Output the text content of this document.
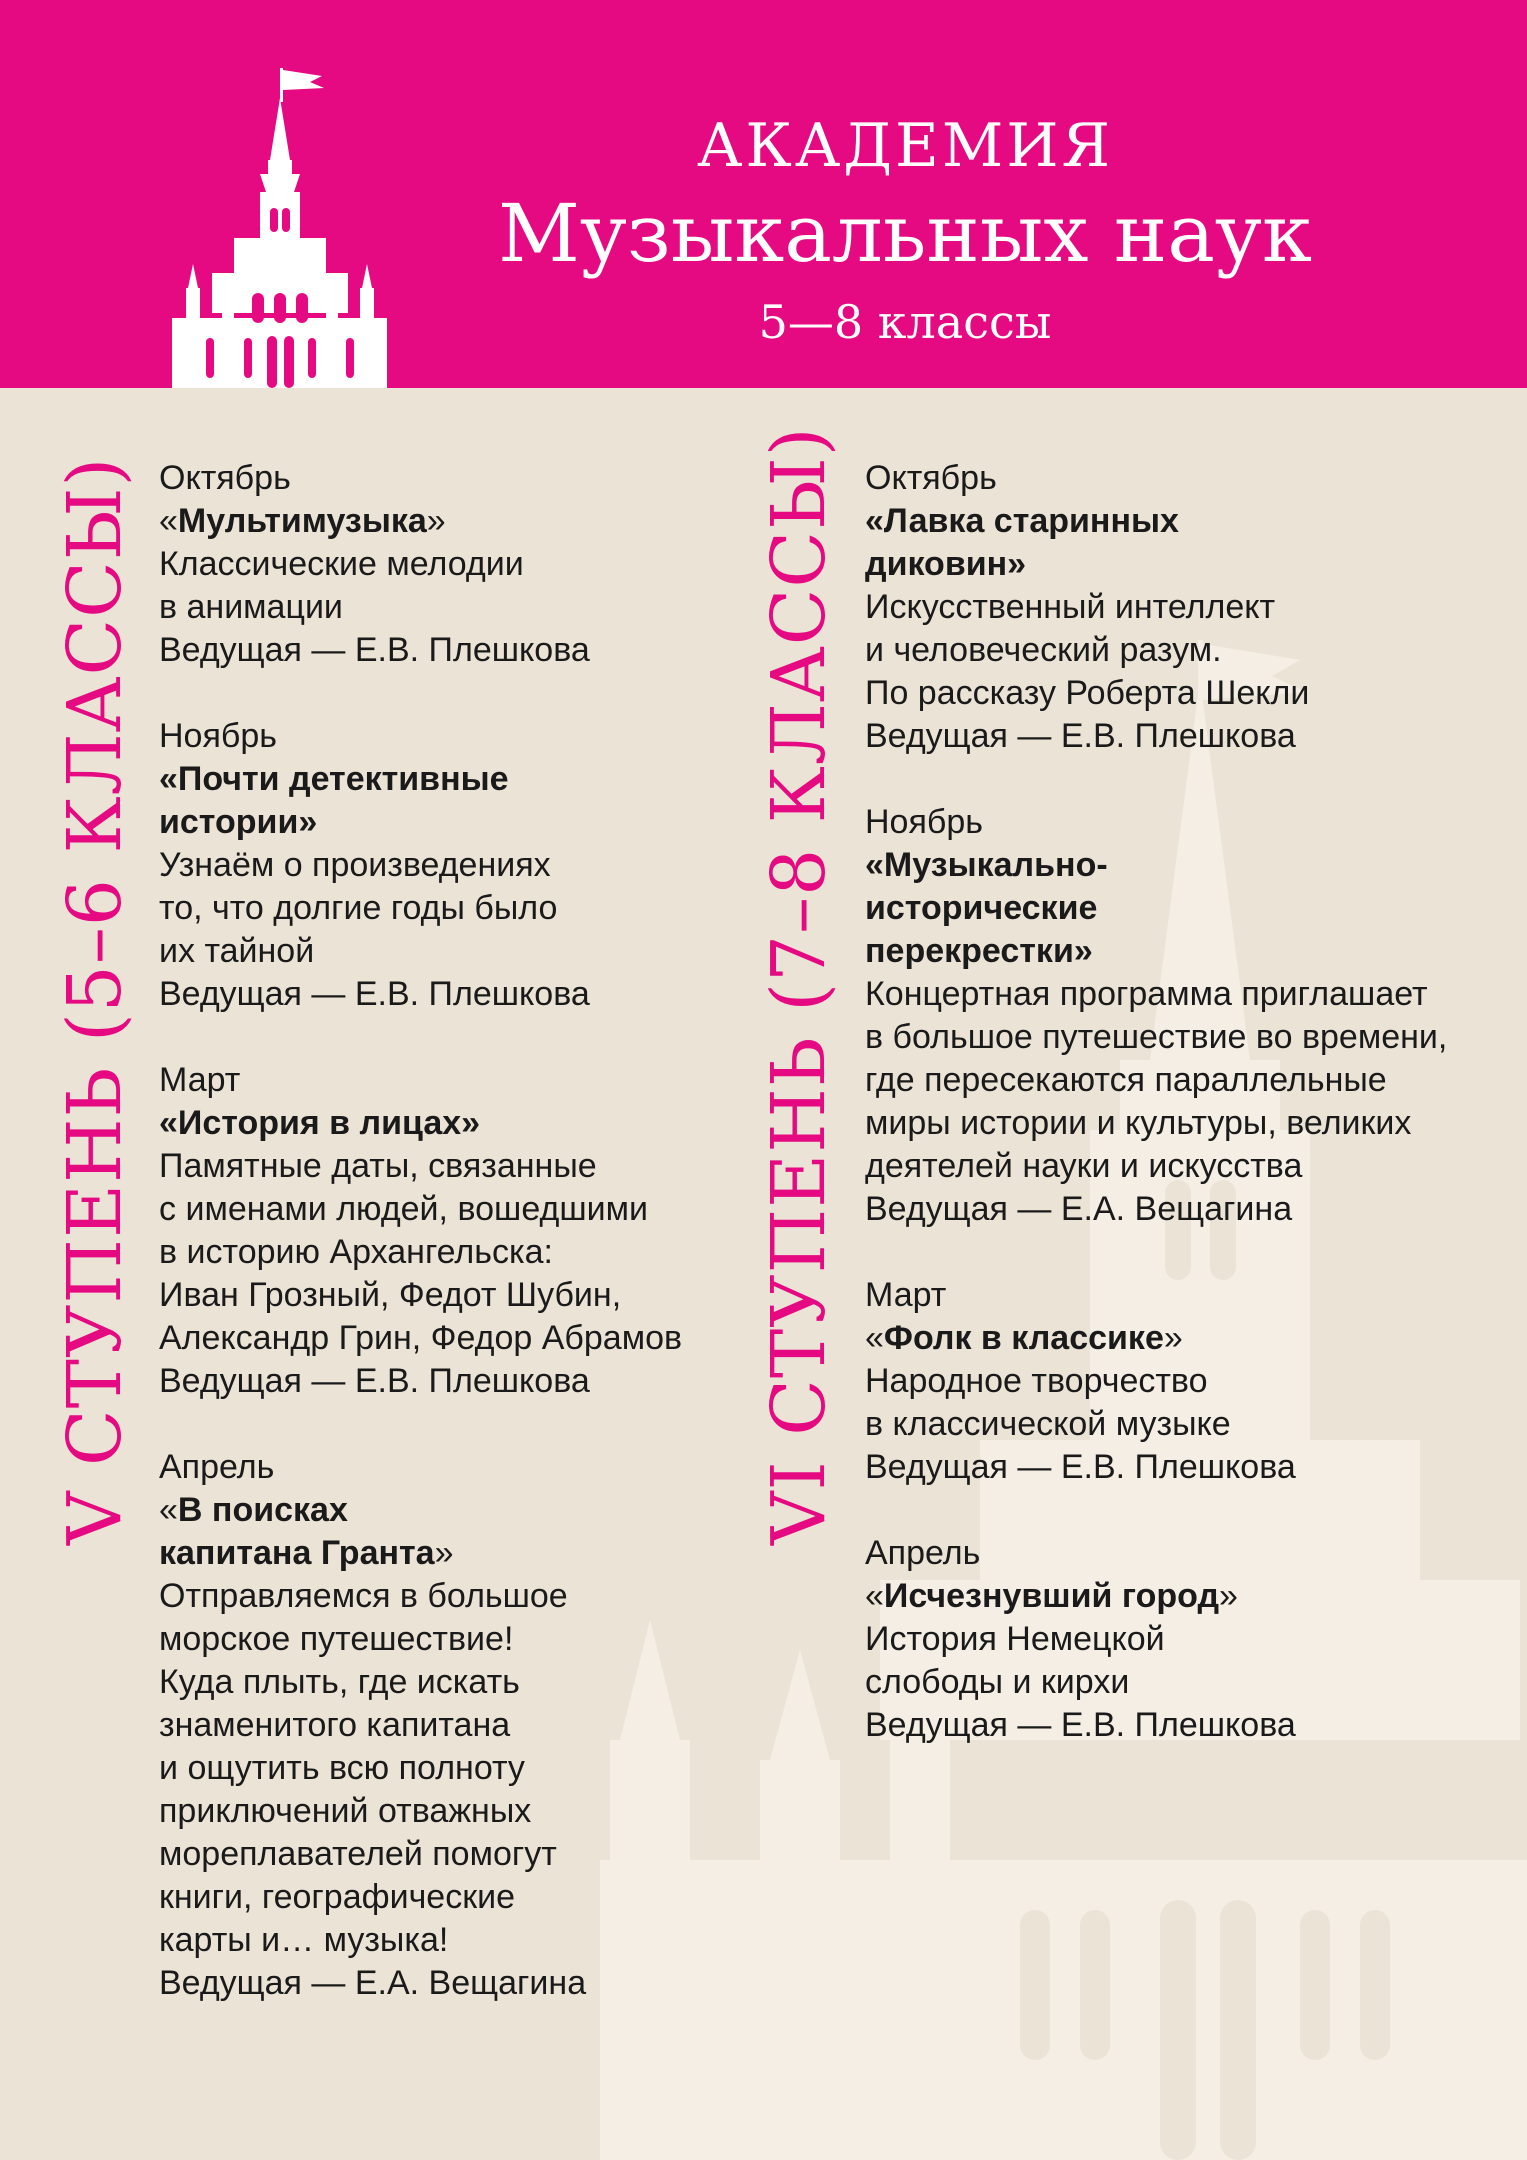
АКАДЕМИЯ
Музыкальных наук
5—8 классы
V СТУПЕНЬ (5–6 КЛАССЫ)	VI СТУПЕНЬ (7–8 КЛАССЫ)

Октябрь

«Мультимузыка»

Классические мелодии

в анимации

Ведущая — Е.В. Плешкова

Ноябрь

«Почти детективные

истории»

Узнаём о произведениях

то, что долгие годы было

их тайной

Ведущая — Е.В. Плешкова

Март

«История в лицах»

Памятные даты, связанные

с именами людей, вошедшими

в историю Архангельска:

Иван Грозный, Федот Шубин,

Александр Грин, Федор Абрамов

Ведущая — Е.В. Плешкова

Апрель

«В поисках

капитана Гранта»

Отправляемся в большое

морское путешествие!

Куда плыть, где искать

знаменитого капитана

и ощутить всю полноту

приключений отважных

мореплавателей помогут

книги, географические

карты и… музыка!

Ведущая — Е.А. Вещагина

Октябрь

«Лавка старинных

диковин»

Искусственный интеллект

и человеческий разум.

По рассказу Роберта Шекли

Ведущая — Е.В. Плешкова

Ноябрь

«Музыкально-

исторические

перекрестки»

Концертная программа приглашает

в большое путешествие во времени,

где пересекаются параллельные

миры истории и культуры, великих

деятелей науки и искусства

Ведущая — Е.А. Вещагина

Март

«Фолк в классике»

Народное творчество

в классической музыке

Ведущая — Е.В. Плешкова

Апрель

«Исчезнувший город»

История Немецкой

слободы и кирхи

Ведущая — Е.В. Плешкова
